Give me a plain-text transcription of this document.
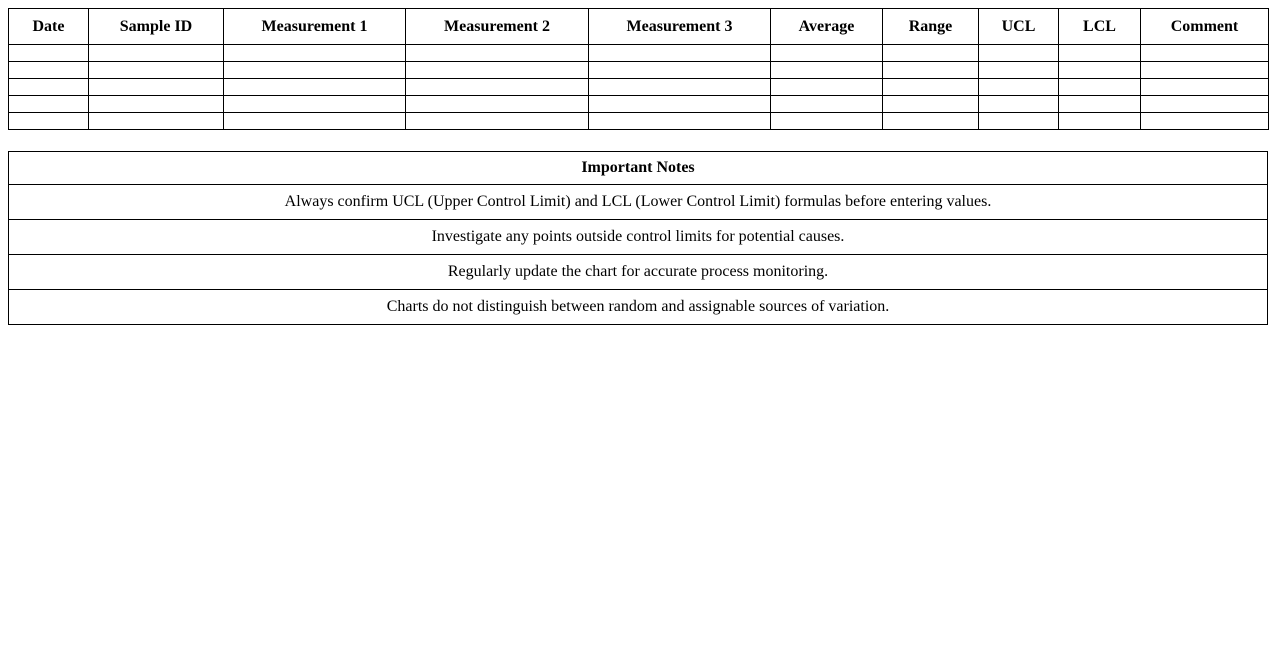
Date	Sample ID	Measurement 1	Measurement 2	Measurement 3	Average	Range	UCL	LCL	Comment

Important Notes
Always confirm UCL (Upper Control Limit) and LCL (Lower Control Limit) formulas before entering values.
Investigate any points outside control limits for potential causes.
Regularly update the chart for accurate process monitoring.
Charts do not distinguish between random and assignable sources of variation.
